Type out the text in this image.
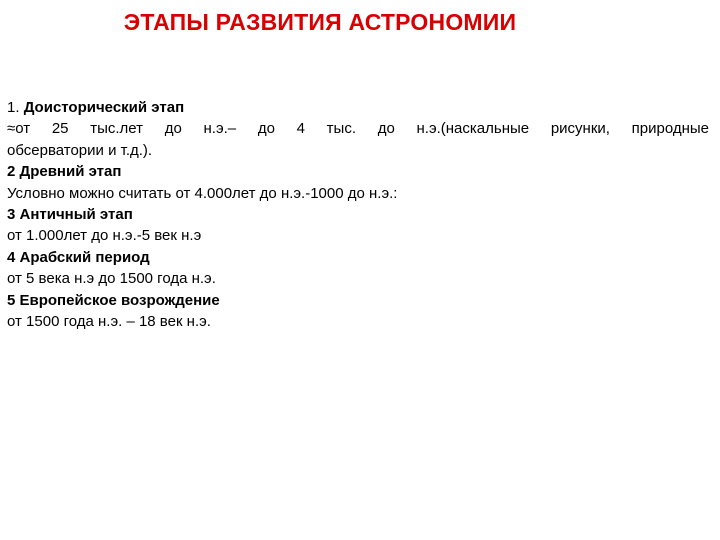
ЭТАПЫ РАЗВИТИЯ АСТРОНОМИИ
1. Доисторический этап
≈от 25 тыс.лет до н.э.– до 4 тыс. до н.э.(наскальные рисунки, природные
обсерватории и т.д.).
2 Древний этап
Условно можно считать от 4.000лет до н.э.-1000 до н.э.:
3 Античный этап
от 1.000лет до н.э.-5 век н.э
4 Арабский период
от 5 века н.э до 1500 года н.э.
5 Европейское возрождение
от 1500 года н.э. – 18 век н.э.
